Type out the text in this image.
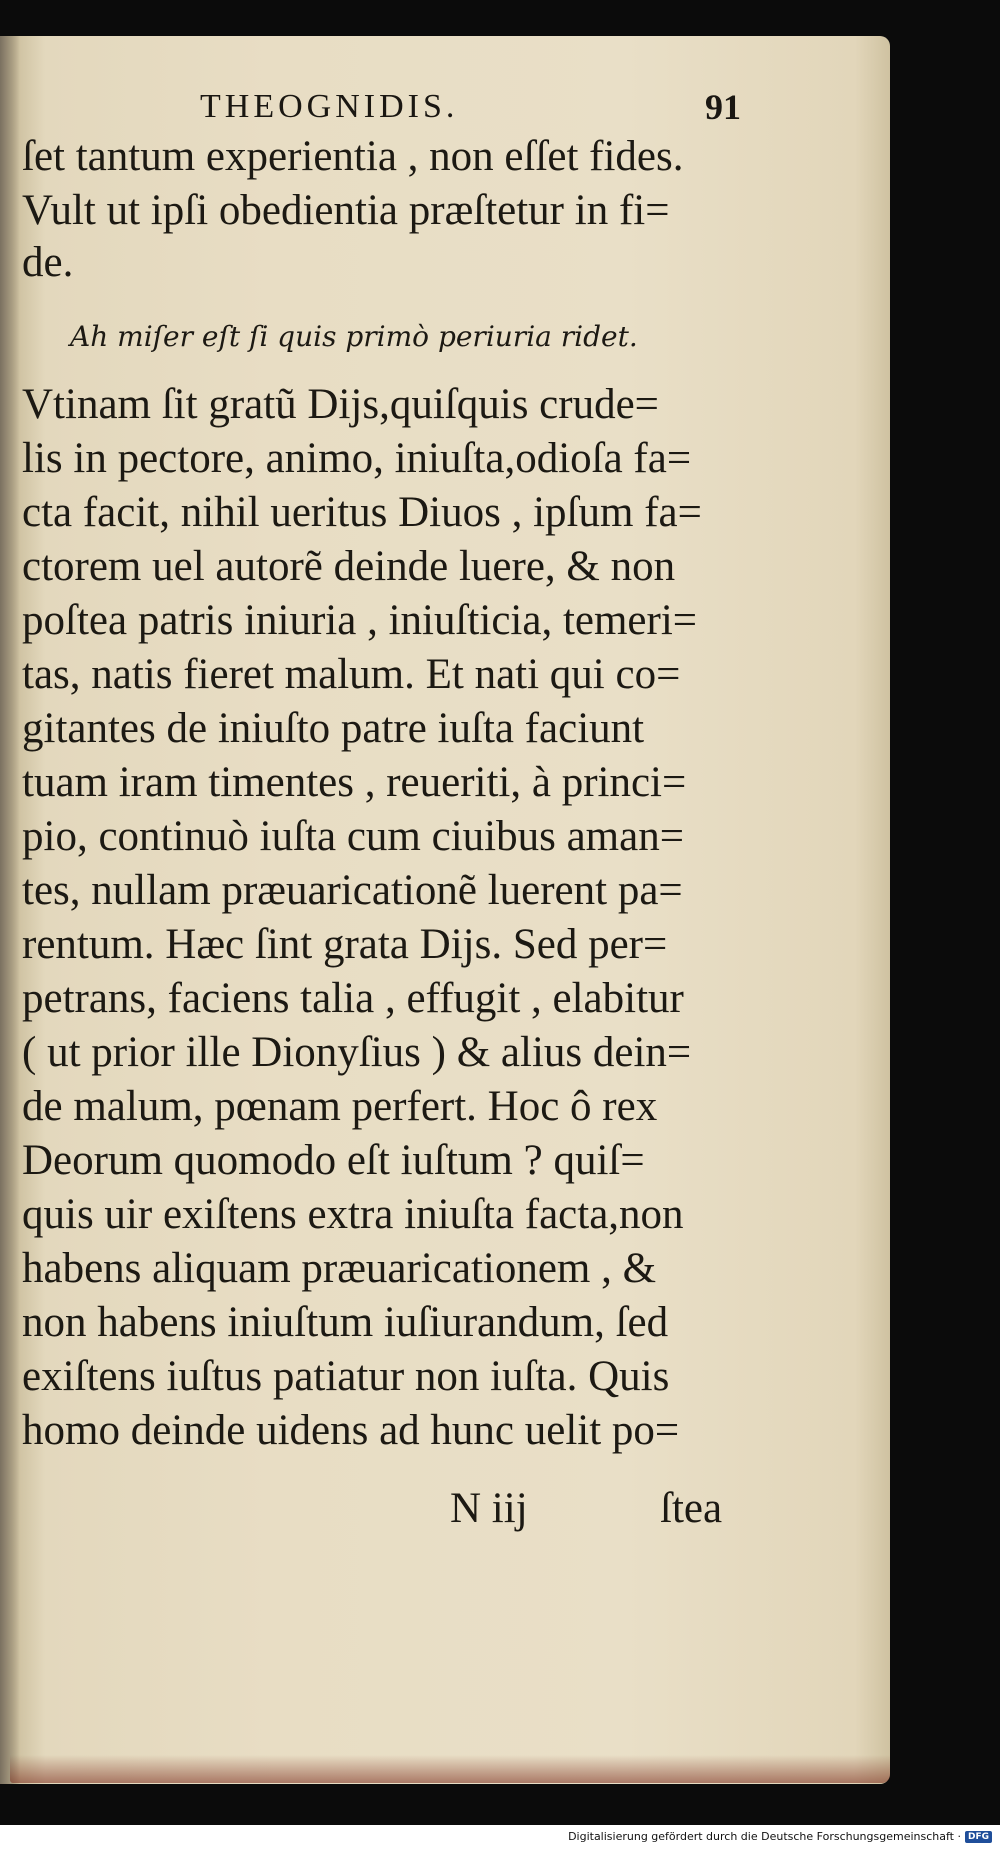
THEOGNIDIS.	91
ſet tantum experientia , non eſſet fides.
Vult ut ipſi obedientia præſtetur in fi=
de.
Ah miſer eſt ſi quis primò periuria ridet.
Vtinam ſit gratũ Dijs,quiſquis crude=
lis in pectore, animo, iniuſta,odioſa fa=
cta facit, nihil ueritus Diuos , ipſum fa=
ctorem uel autorẽ deinde luere, & non
poſtea patris iniuria , iniuſticia, temeri=
tas, natis fieret malum. Et nati qui co=
gitantes de iniuſto patre iuſta faciunt
tuam iram timentes , reueriti, à princi=
pio, continuò iuſta cum ciuibus aman=
tes, nullam præuaricationẽ luerent pa=
rentum. Hæc ſint grata Dijs. Sed per=
petrans, faciens talia , effugit , elabitur
( ut prior ille Dionyſius ) & alius dein=
de malum, pœnam perfert. Hoc ô rex
Deorum quomodo eſt iuſtum ? quiſ=
quis uir exiſtens extra iniuſta facta,non
habens aliquam præuaricationem , &
non habens iniuſtum iuſiurandum, ſed
exiſtens iuſtus patiatur non iuſta. Quis
homo deinde uidens ad hunc uelit po=
N iij	ſtea
Digitalisierung gefördert durch die Deutsche Forschungsgemeinschaft · DFG
